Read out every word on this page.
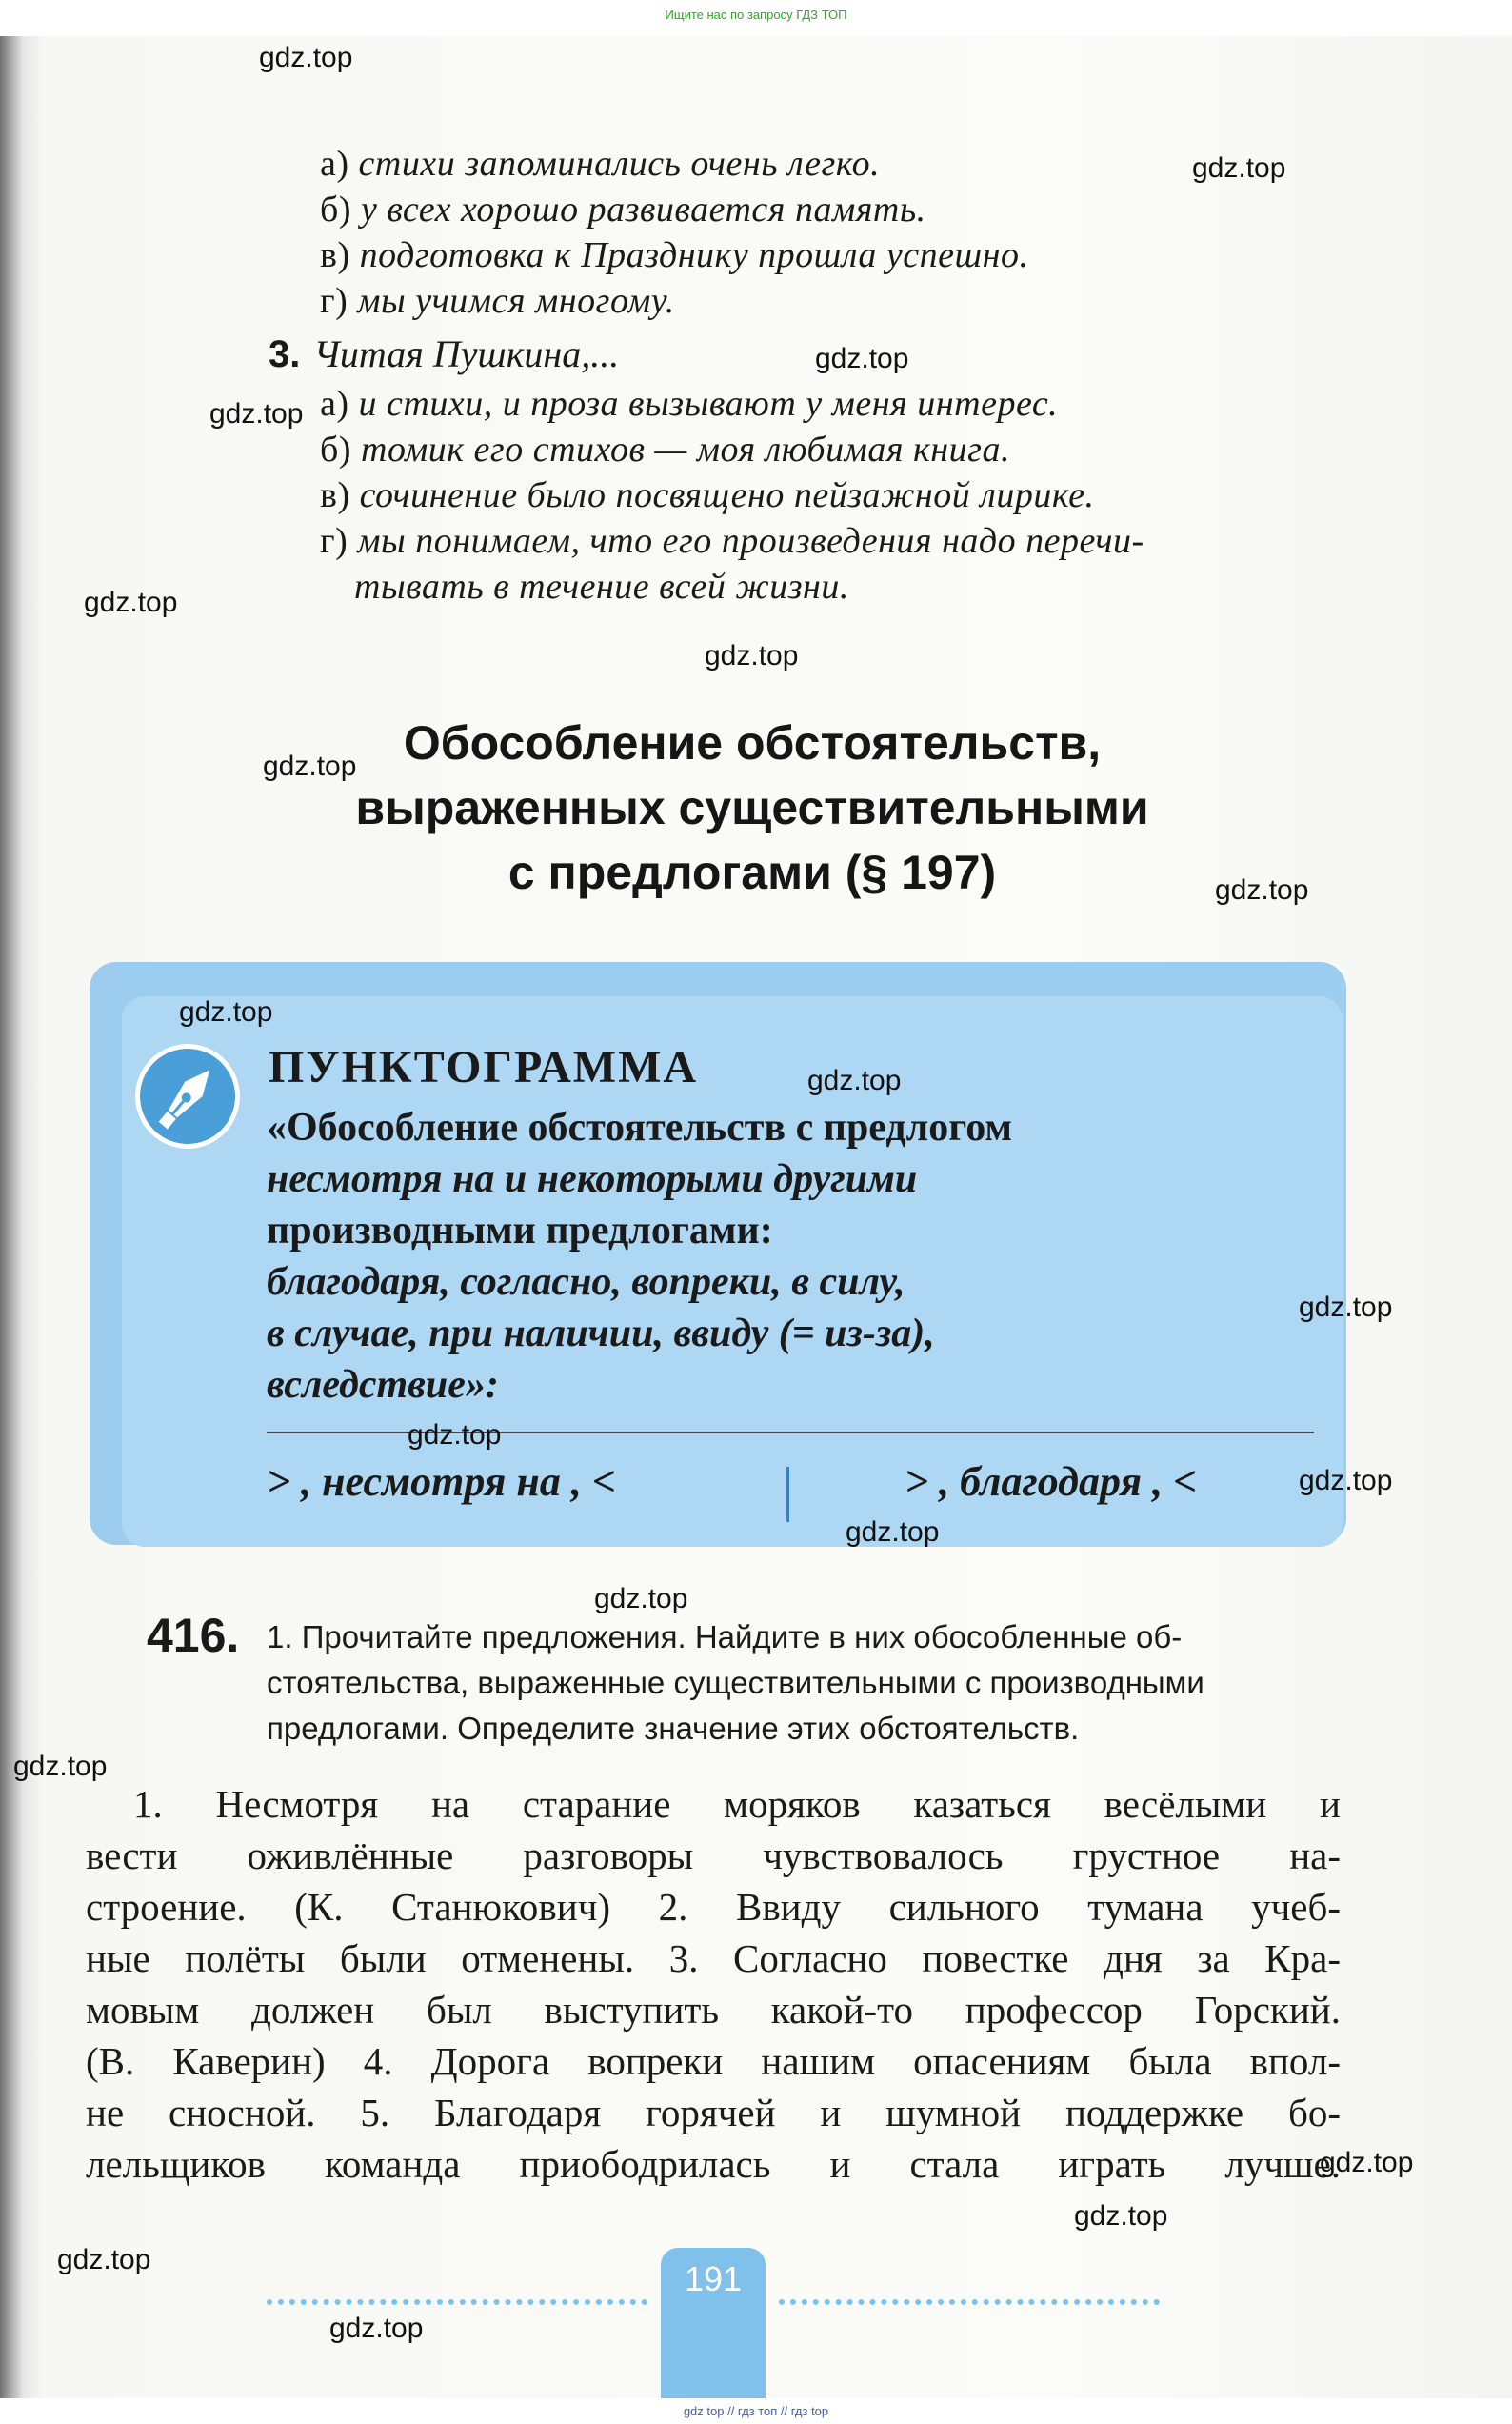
Ищите нас по запросу ГДЗ ТОП
а) стихи запоминались очень легко.
б) у всех хорошо развивается память.
в) подготовка к Празднику прошла успешно.
г) мы учимся многому.
3. Читая Пушкина,...
а) и стихи, и проза вызывают у меня интерес.
б) томик его стихов — моя любимая книга.
в) сочинение было посвящено пейзажной лирике.
г) мы понимаем, что его произведения надо перечи-
тывать в течение всей жизни.
Обособление обстоятельств,
выраженных существительными
с предлогами (§ 197)
ПУНКТОГРАММА
«Обособление обстоятельств с предлогом
несмотря на и некоторыми другими
производными предлогами:
благодаря, согласно, вопреки, в силу,
в случае, при наличии, ввиду (= из-за),
вследствие»:
> , несмотря на , <	> , благодаря , <
416. 1. Прочитайте предложения. Найдите в них обособленные об-
стоятельства, выраженные существительными с производными
предлогами. Определите значение этих обстоятельств.
1. Несмотря на старание моряков казаться весёлыми и
вести оживлённые разговоры чувствовалось грустное на-
строение. (К. Станюкович) 2. Ввиду сильного тумана учеб-
ные полёты были отменены. 3. Согласно повестке дня за Кра-
мовым должен был выступить какой-то профессор Горский.
(В. Каверин) 4. Дорога вопреки нашим опасениям была впол-
не сносной. 5. Благодаря горячей и шумной поддержке бо-
лельщиков команда приободрилась и стала играть лучше.
191
gdz.top
gdz.top
gdz.top
gdz.top
gdz.top
gdz.top
gdz.top
gdz.top
gdz.top
gdz.top
gdz.top
gdz.top
gdz.top
gdz.top
gdz.top
gdz.top
gdz.top
gdz.top
gdz.top
gdz.top
gdz top // гдз топ // гдз top
